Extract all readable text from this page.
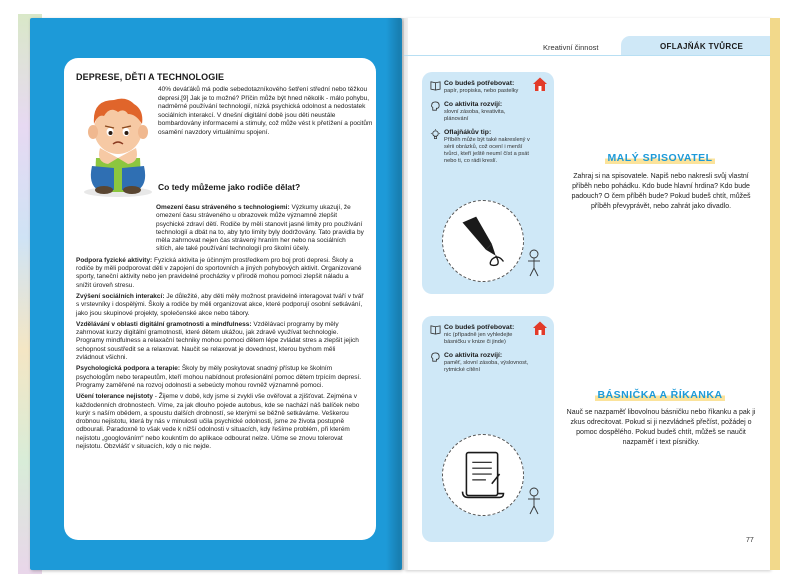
DEPRESE, DĚTI A TECHNOLOGIE
40% deváťáků má podle sebedotazníkového šetření střední nebo těžkou depresi.[9] Jak je to možné? Příčin může být hned několik - málo pohybu, nadměrné používání technologií, nízká psychická odolnost a nedostatek sociálních interakcí. V dnešní digitální době jsou děti neustále bombardovány informacemi a stimuly, což může vést k přetížení a pocitům osamění navzdory virtuálnímu spojení.
Co tedy můžeme jako rodiče dělat?
Omezení času stráveného s technologiemi: Výzkumy ukazují, že omezení času stráveného u obrazovek může významně zlepšit psychické zdraví dětí. Rodiče by měli stanovit jasné limity pro používání technologií a dbát na to, aby tyto limity byly dodržovány. Tato pravidla by měla zahrnovat nejen čas strávený hraním her nebo na sociálních sítích, ale také používání technologií pro školní účely.
Podpora fyzické aktivity: Fyzická aktivita je účinným prostředkem pro boj proti depresi. Školy a rodiče by měli podporovat děti v zapojení do sportovních a jiných pohybových aktivit. Organizované sporty, taneční aktivity nebo jen pravidelné procházky v přírodě mohou pomoci zlepšit náladu a snížit úroveň stresu.
Zvýšení sociálních interakcí: Je důležité, aby děti měly možnost pravidelně interagovat tváří v tvář s vrstevníky i dospělými. Školy a rodiče by měli organizovat akce, které podporují osobní setkávání, jako jsou skupinové projekty, společenské akce nebo tábory.
Vzdělávání v oblasti digitální gramotnosti a mindfulness: Vzdělávací programy by měly zahrnovat kurzy digitální gramotnosti, které dětem ukážou, jak zdravě využívat technologie. Programy mindfulness a relaxační techniky mohou pomoci dětem lépe zvládat stres a zlepšit jejich schopnost soustředit se a relaxovat. Naučit se relaxovat je dovednost, kterou bychom měli zvládnout všichni.
Psychologická podpora a terapie: Školy by měly poskytovat snadný přístup ke školním psychologům nebo terapeutům, kteří mohou nabídnout profesionální pomoc dětem trpícím depresí. Programy zaměřené na rozvoj odolnosti a sebeúcty mohou rovněž významně pomoci.
Učení tolerance nejistoty - Žijeme v době, kdy jsme si zvykli vše ověřovat a zjišťovat. Zejména v každodenních drobnostech. Víme, za jak dlouho pojede autobus, kde se nachází náš balíček nebo kurýr s naším obědem, a spoustu dalších drobností, se kterými se běžně setkáváme. Veškerou drobnou nejistotu, která by nás v minulosti učila psychické odolnosti, jsme ze života postupně odbourali. Paradoxně to však vede k nižší odolnosti v situacích, kdy řešíme problém, při kterém nejistotu „googlováním“ nebo koukntím do aplikace odbourat nelze. Učme se znovu tolerovat nejistotu. Obzvlášť v situacích, kdy o nic nejde.
Kreativní činnost	OFLAJŇÁK TVŮRCE
Co budeš potřebovat:
papír, propiska, nebo pastelky
Co aktivita rozvíjí:
slovní zásoba, kreativita, plánování
Oflajňákův tip:
Příběh může být také nakreslený v sérii obrázků, což ocení i menší tvůrci, kteří ještě neumí číst a psát nebo ti, co rádi kreslí.
Co budeš potřebovat:
nic (případně jen vyhledejte básničku v knize či jinde)
Co aktivita rozvíjí:
paměť, slovní zásoba, výslovnost, rytmické cítění
MALÝ SPISOVATEL
Zahraj si na spisovatele. Napiš nebo nakresli svůj vlastní příběh nebo pohádku. Kdo bude hlavní hrdina? Kdo bude padouch? O čem příběh bude? Pokud budeš chtít, můžeš příběh převyprávět, nebo zahrát jako divadlo.
BÁSNIČKA A ŘÍKANKA
Nauč se nazpaměť libovolnou básničku nebo říkanku a pak ji zkus odrecitovat. Pokud si ji nezvládneš přečíst, požádej o pomoc dospělého. Pokud budeš chtít, můžeš se naučit nazpaměť i text písničky.
77
